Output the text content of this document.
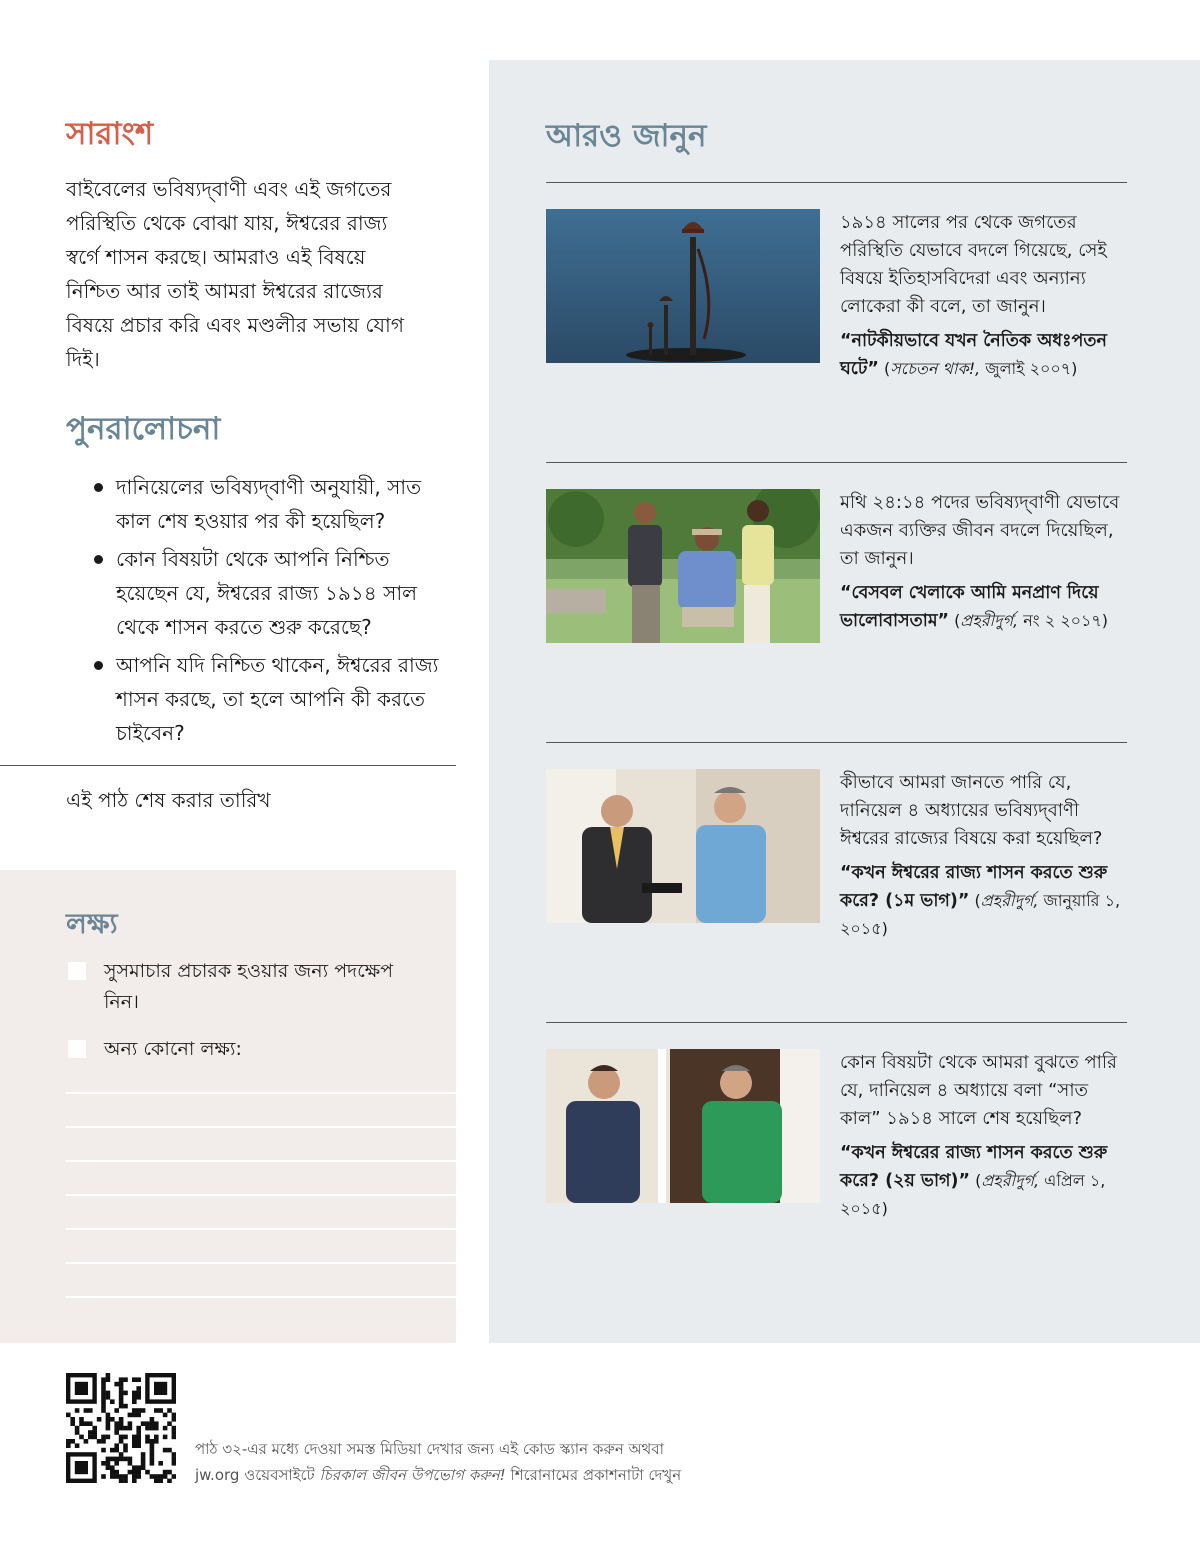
সারাংশ

বাইবেলের ভবিষ্যদ্‌বাণী এবং এই জগতের পরিস্থিতি থেকে বোঝা যায়, ঈশ্বরের রাজ্য স্বর্গে শাসন করছে। আমরাও এই বিষয়ে নিশ্চিত আর তাই আমরা ঈশ্বরের রাজ্যের বিষয়ে প্রচার করি এবং মণ্ডলীর সভায় যোগ দিই।

পুনরালোচনা
দানিয়েলের ভবিষ্যদ্‌বাণী অনুযায়ী, সাত কাল শেষ হওয়ার পর কী হয়েছিল?
কোন বিষয়টা থেকে আপনি নিশ্চিত হয়েছেন যে, ঈশ্বরের রাজ্য ১৯১৪ সাল থেকে শাসন করতে শুরু করেছে?
আপনি যদি নিশ্চিত থাকেন, ঈশ্বরের রাজ্য শাসন করছে, তা হলে আপনি কী করতে চাইবেন?

এই পাঠ শেষ করার তারিখ

লক্ষ্য
সুসমাচার প্রচারক হওয়ার জন্য পদক্ষেপ নিন।
অন্য কোনো লক্ষ্য:
আরও জানুন

১৯১৪ সালের পর থেকে জগতের পরিস্থিতি যেভাবে বদলে গিয়েছে, সেই বিষয়ে ইতিহাসবিদেরা এবং অন্যান্য লোকেরা কী বলে, তা জানুন।

“নাটকীয়ভাবে যখন নৈতিক অধঃপতন ঘটে” (সচেতন থাক!, জুলাই ২০০৭)

মথি ২৪:১৪ পদের ভবিষ্যদ্‌বাণী যেভাবে একজন ব্যক্তির জীবন বদলে দিয়েছিল, তা জানুন।

“বেসবল খেলাকে আমি মনপ্রাণ দিয়ে ভালোবাসতাম” (প্রহরীদুর্গ, নং ২ ২০১৭)

কীভাবে আমরা জানতে পারি যে, দানিয়েল ৪ অধ্যায়ের ভবিষ্যদ্‌বাণী ঈশ্বরের রাজ্যের বিষয়ে করা হয়েছিল?

“কখন ঈশ্বরের রাজ্য শাসন করতে শুরু করে? (১ম ভাগ)” (প্রহরীদুর্গ, জানুয়ারি ১, ২০১৫)

কোন বিষয়টা থেকে আমরা বুঝতে পারি যে, দানিয়েল ৪ অধ্যায়ে বলা “সাত কাল” ১৯১৪ সালে শেষ হয়েছিল?

“কখন ঈশ্বরের রাজ্য শাসন করতে শুরু করে? (২য় ভাগ)” (প্রহরীদুর্গ, এপ্রিল ১, ২০১৫)

পাঠ ৩২-এর মধ্যে দেওয়া সমস্ত মিডিয়া দেখার জন্য এই কোড স্ক্যান করুন অথবা
jw.org ওয়েবসাইটে চিরকাল জীবন উপভোগ করুন! শিরোনামের প্রকাশনাটা দেখুন
